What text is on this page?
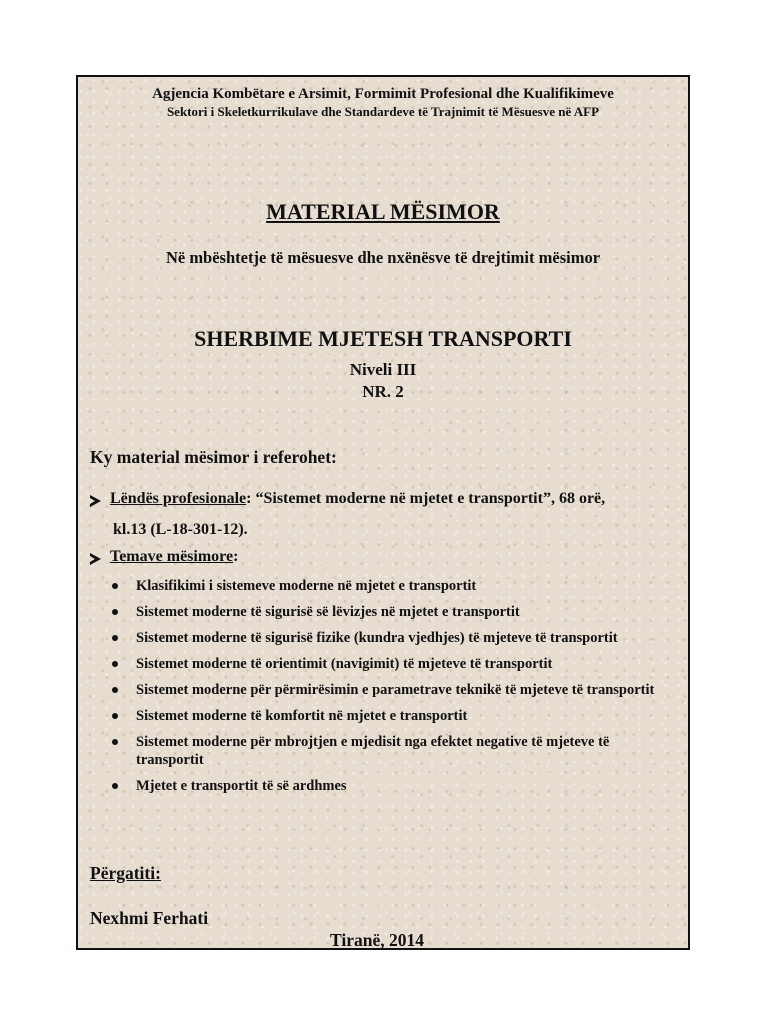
Agjencia Kombëtare e Arsimit, Formimit Profesional dhe Kualifikimeve
Sektori i Skeletkurrikulave dhe Standardeve të Trajnimit të Mësuesve në AFP
MATERIAL MËSIMOR
Në mbështetje të mësuesve dhe nxënësve të drejtimit mësimor
SHERBIME MJETESH TRANSPORTI
Niveli III
NR. 2
Ky material mësimor i referohet:
Lëndës profesionale: “Sistemet moderne në mjetet e transportit”, 68 orë,
kl.13 (L-18-301-12).
Temave mësimore:
Klasifikimi i sistemeve moderne në mjetet e transportit
Sistemet moderne të sigurisë së lëvizjes në mjetet e transportit
Sistemet moderne të sigurisë fizike (kundra vjedhjes) të mjeteve të transportit
Sistemet moderne të orientimit (navigimit) të mjeteve të transportit
Sistemet moderne për përmirësimin e parametrave teknikë të mjeteve të transportit
Sistemet moderne të komfortit në mjetet e transportit
Sistemet moderne për mbrojtjen e mjedisit nga efektet negative të mjeteve të transportit
Mjetet e transportit të së ardhmes
Përgatiti:
Nexhmi Ferhati
Tiranë, 2014
